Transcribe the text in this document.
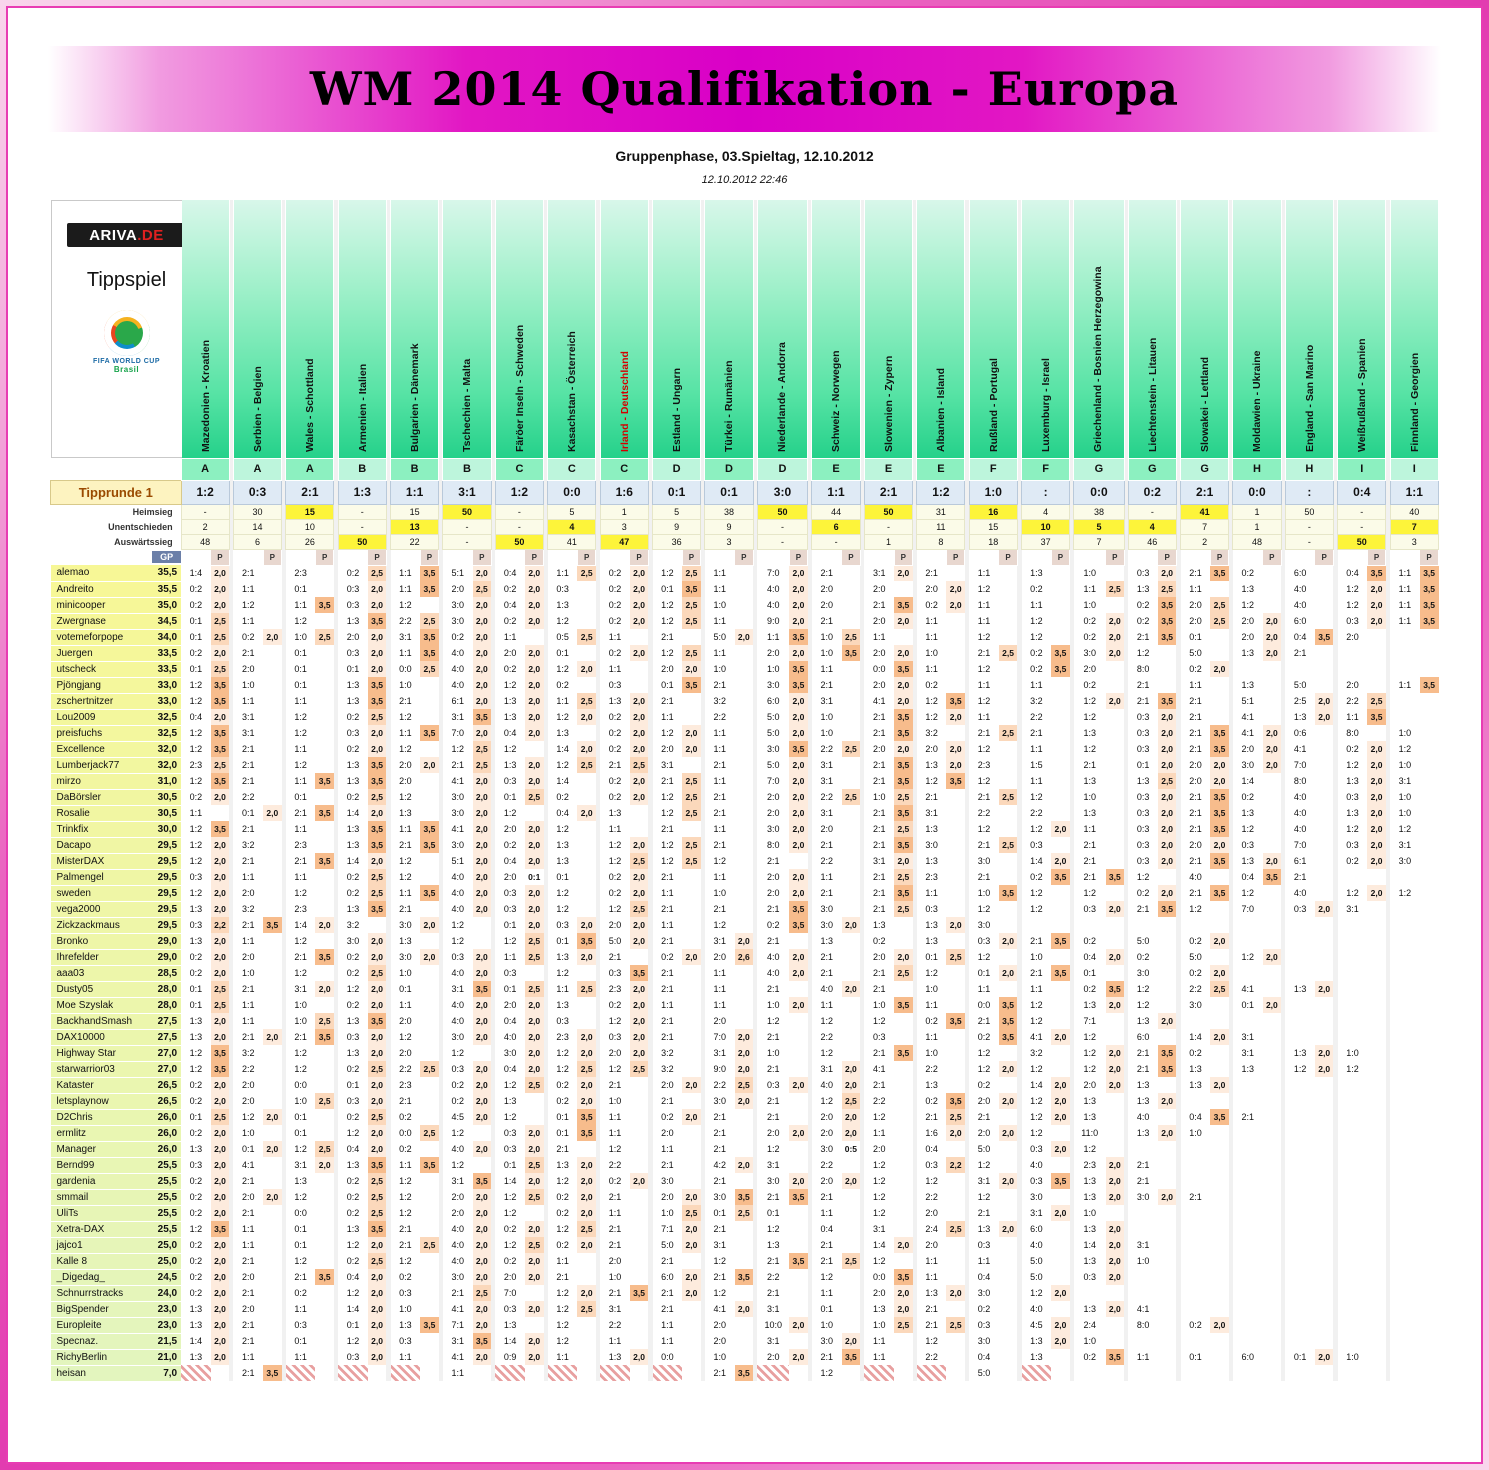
WM 2014 Qualifikation - Europa
Gruppenphase, 03.Spieltag, 12.10.2012
12.10.2012 22:46
ARIVA.DE
Tippspiel
FIFA WORLD CUP
Brasil	Mazedonien - Kroatien		Serbien - Belgien		Wales - Schottland		Armenien - Italien		Bulgarien - Dänemark		Tschechien - Malta		Färöer Inseln - Schweden		Kasachstan - Österreich		Irland - Deutschland		Estland - Ungarn		Türkei - Rumänien		Niederlande - Andorra		Schweiz - Norwegen		Slowenien - Zypern		Albanien - Island		Rußland - Portugal		Luxemburg - Israel		Griechenland - Bosnien Herzegowina		Liechtenstein - Litauen		Slowakei - Lettland		Moldawien - Ukraine		England - San Marino		Weißrußland - Spanien		Finnland - Georgien

	A		A		A		B		B		B		C		C		C		D		D		D		E		E		E		F		F		G		G		G		H		H		I		I
Tipprunde 1	1:2		0:3		2:1		1:3		1:1		3:1		1:2		0:0		1:6		0:1		0:1		3:0		1:1		2:1		1:2		1:0		:		0:0		0:2		2:1		0:0		:		0:4		1:1
Heimsieg	-		30		15		-		15		50		-		5		1		5		38		50		44		50		31		16		4		38		-		41		1		50		-		40
Unentschieden	2		14		10		-		13		-		-		4		3		9		9		-		6		-		11		15		10		5		4		7		1		-		-		7
Auswärtssieg	48		6		26		50		22		-		50		41		47		36		3		-		-		1		8		18		37		7		46		2		48		-		50		3
GP		P			P			P			P			P			P			P			P			P			P			P			P			P			P			P			P			P			P			P			P			P			P			P			P

alemao	35,5	1:4	2,0		2:1			2:3			0:2	2,5		1:1	3,5		5:1	2,0		0:4	2,0		1:1	2,5		0:2	2,0		1:2	2,5		1:1			7:0	2,0		2:1			3:1	2,0		2:1			1:1			1:3			1:0			0:3	2,0		2:1	3,5		0:2			6:0			0:4	3,5		1:1	3,5

Andreito	35,5	0:2	2,0		1:1			0:1			0:3	2,0		1:1	3,5		2:0	2,5		0:2	2,0		0:3			0:2	2,0		0:1	3,5		1:1			4:0	2,0		2:0			2:0			2:0	2,0		1:2			0:2			1:1	2,5		1:3	2,5		1:1			1:3			4:0			1:2	2,0		1:1	3,5

minicooper	35,0	0:2	2,0		1:2			1:1	3,5		0:3	2,0		1:2			3:0	2,0		0:4	2,0		1:3			0:2	2,0		1:2	2,5		1:0			4:0	2,0		2:0			2:1	3,5		0:2	2,0		1:1			1:1			1:0			0:2	3,5		2:0	2,5		1:2			4:0			1:2	2,0		1:1	3,5

Zwergnase	34,5	0:1	2,5		1:1			1:2			1:3	3,5		2:2	2,5		3:0	2,0		0:2	2,0		1:2			0:2	2,0		1:2	2,5		1:1			9:0	2,0		2:1			2:0	2,0		1:1			1:1			1:2			0:2	2,0		0:2	3,5		2:0	2,5		2:0	2,0		6:0			0:3	2,0		1:1	3,5

votemeforpope	34,0	0:1	2,5		0:2	2,0		1:0	2,5		2:0	2,0		3:1	3,5		0:2	2,0		1:1			0:5	2,5		1:1			2:1			5:0	2,0		1:1	3,5		1:0	2,5		1:1			1:1			1:2			1:2			0:2	2,0		2:1	3,5		0:1			2:0	2,0		0:4	3,5		2:0				

Juergen	33,5	0:2	2,0		2:1			0:1			0:3	2,0		1:1	3,5		4:0	2,0		2:0	2,0		0:1			0:2	2,0		1:2	2,5		1:1			2:0	2,0		1:0	3,5		2:0	2,0		1:0			2:1	2,5		0:2	3,5		3:0	2,0		1:2			5:0			1:3	2,0		2:1							

utscheck	33,5	0:1	2,5		2:0			0:1			0:1	2,0		0:0	2,5		4:0	2,0		0:2	2,0		1:2	2,0		1:1			2:0	2,0		1:0			1:0	3,5		1:1			0:0	3,5		1:1			1:2			0:2	3,5		2:0			8:0			0:2	2,0												

Pjöngjang	33,0	1:2	3,5		1:0			0:1			1:3	3,5		1:0			4:0	2,0		1:2	2,0		0:2			0:3			0:1	3,5		2:1			3:0	3,5		2:1			2:0	2,0		0:2			1:1			1:1			0:2			2:1			1:1			1:3			5:0			2:0			1:1	3,5

zschertnitzer	33,0	1:2	3,5		1:1			1:1			1:3	3,5		2:1			6:1	2,0		1:3	2,0		1:1	2,5		1:3	2,0		2:1			3:2			6:0	2,0		3:1			4:1	2,0		1:2	3,5		1:2			3:2			1:2	2,0		2:1	3,5		2:1			5:1			2:5	2,0		2:2	2,5			

Lou2009	32,5	0:4	2,0		3:1			1:2			0:2	2,5		1:2			3:1	3,5		1:3	2,0		1:2	2,0		0:2	2,0		1:1			2:2			5:0	2,0		1:0			2:1	3,5		1:2	2,0		1:1			2:2			1:2			0:3	2,0		2:1			4:1			1:3	2,0		1:1	3,5			

preisfuchs	32,5	1:2	3,5		3:1			1:2			0:3	2,0		1:1	3,5		7:0	2,0		0:4	2,0		1:3			0:2	2,0		1:2	2,0		1:1			5:0	2,0		1:0			2:1	3,5		3:2			2:1	2,5		2:1			1:3			0:3	2,0		2:1	3,5		4:1	2,0		0:6			8:0			1:0	

Excellence	32,0	1:2	3,5		2:1			1:1			0:2	2,0		1:2			1:2	2,5		1:2			1:4	2,0		0:2	2,0		2:0	2,0		1:1			3:0	3,5		2:2	2,5		2:0	2,0		2:0	2,0		1:2			1:1			1:2			0:3	2,0		2:1	3,5		2:0	2,0		4:1			0:2	2,0		1:2	

Lumberjack77	32,0	2:3	2,5		2:1			1:2			1:3	3,5		2:0	2,0		2:1	2,5		1:3	2,0		1:2	2,5		2:1	2,5		3:1			2:1			5:0	2,0		3:1			2:1	3,5		1:3	2,0		2:3			1:5			2:1			0:1	2,0		2:0	2,0		3:0	2,0		7:0			1:2	2,0		1:0	

mirzo	31,0	1:2	3,5		2:1			1:1	3,5		1:3	3,5		2:0			4:1	2,0		0:3	2,0		1:4			0:2	2,0		2:1	2,5		1:1			7:0	2,0		3:1			2:1	3,5		1:2	3,5		1:2			1:1			1:3			1:3	2,5		2:0	2,0		1:4			8:0			1:3	2,0		3:1	

DaBörsler	30,5	0:2	2,0		2:2			0:1			0:2	2,5		1:2			3:0	2,0		0:1	2,5		0:2			0:2	2,0		1:2	2,5		2:1			2:0	2,0		2:2	2,5		1:0	2,5		2:1			2:1	2,5		1:2			1:0			0:3	2,0		2:1	3,5		0:2			4:0			0:3	2,0		1:0	

Rosalie	30,5	1:1			0:1	2,0		2:1	3,5		1:4	2,0		1:3			3:0	2,0		1:2			0:4	2,0		1:3			1:2	2,5		2:1			2:0	2,0		3:1			2:1	3,5		3:1			2:2			2:2			1:3			0:3	2,0		2:1	3,5		1:3			4:0			1:3	2,0		1:0	

Trinkfix	30,0	1:2	3,5		2:1			1:1			1:3	3,5		1:1	3,5		4:1	2,0		2:0	2,0		1:2			1:1			2:1			1:1			3:0	2,0		2:0			2:1	2,5		1:3			1:2			1:2	2,0		1:1			0:3	2,0		2:1	3,5		1:2			4:0			1:2	2,0		1:2	

Dacapo	29,5	1:2	2,0		3:2			2:3			1:3	3,5		2:1	3,5		3:0	2,0		0:2	2,0		1:3			1:2	2,0		1:2	2,5		2:1			8:0	2,0		2:1			2:1	3,5		3:0			2:1	2,5		0:3			2:1			0:3	2,0		2:0	2,0		0:3			7:0			0:3	2,0		3:1	

MisterDAX	29,5	1:2	2,0		2:1			2:1	3,5		1:4	2,0		1:2			5:1	2,0		0:4	2,0		1:3			1:2	2,5		1:2	2,5		1:2			2:1			2:2			3:1	2,0		1:3			3:0			1:4	2,0		2:1			0:3	2,0		2:1	3,5		1:3	2,0		6:1			0:2	2,0		3:0	

Palmengel	29,5	0:3	2,0		1:1			1:1			0:2	2,5		1:2			4:0	2,0		2:0	0:1		0:1			0:2	2,0		2:1			1:1			2:0	2,0		1:1			2:1	2,5		2:3			2:1			0:2	3,5		2:1	3,5		1:2			4:0			0:4	3,5		2:1							

sweden	29,5	1:2	2,0		2:0			1:2			0:2	2,5		1:1	3,5		4:0	2,0		0:3	2,0		1:2			0:2	2,0		1:1			1:0			2:0	2,0		2:1			2:1	3,5		1:1			1:0	3,5		1:2			1:2			0:2	2,0		2:1	3,5		1:2			4:0			1:2	2,0		1:2	

vega2000	29,5	1:3	2,0		3:2			2:3			1:3	3,5		2:1			4:0	2,0		0:3	2,0		1:2			1:2	2,5		2:1			2:1			2:1	3,5		3:0			2:1	2,5		0:3			1:2			1:2			0:3	2,0		2:1	3,5		1:2			7:0			0:3	2,0		3:1				

Zickzackmaus	29,5	0:3	2,2		2:1	3,5		1:4	2,0		3:2			3:0	2,0		1:2			0:1	2,0		0:3	2,0		2:0	2,0		1:1			1:2			0:2	3,5		3:0	2,0		1:3			1:3	2,0		3:0																									

Bronko	29,0	1:3	2,0		1:1			1:2			3:0	2,0		1:3			1:2			1:2	2,5		0:1	3,5		5:0	2,0		2:1			3:1	2,0		2:1			1:3			0:2			1:3			0:3	2,0		2:1	3,5		0:2			5:0			0:2	2,0												

Ihrefelder	29,0	0:2	2,0		2:0			2:1	3,5		0:2	2,0		3:0	2,0		0:3	2,0		1:1	2,5		1:3	2,0		2:1			0:2	2,0		2:0	2,6		4:0	2,0		2:1			2:0	2,0		0:1	2,5		1:2			1:0			0:4	2,0		0:2			5:0			1:2	2,0									

aaa03	28,5	0:2	2,0		1:0			1:2			0:2	2,5		1:0			4:0	2,0		0:3			1:2			0:3	3,5		2:1			1:1			4:0	2,0		2:1			2:1	2,5		1:2			0:1	2,0		2:1	3,5		0:1			3:0			0:2	2,0												

Dusty05	28,0	0:1	2,5		2:1			3:1	2,0		1:2	2,0		0:1			3:1	3,5		0:1	2,5		1:1	2,5		2:3	2,0		2:1			1:1			2:1			4:0	2,0		2:1			1:0			1:1			1:1			0:2	3,5		1:2			2:2	2,5		4:1			1:3	2,0						

Moe Szyslak	28,0	0:1	2,5		1:1			1:0			0:2	2,0		1:1			4:0	2,0		2:0	2,0		1:3			0:2	2,0		1:1			1:1			1:0	2,0		1:1			1:0	3,5		1:1			0:0	3,5		1:2			1:3	2,0		1:2			3:0			0:1	2,0									

BackhandSmash	27,5	1:3	2,0		1:1			1:0	2,5		1:3	3,5		2:0			4:0	2,0		0:4	2,0		0:3			1:2	2,0		2:1			2:0			1:2			1:2			1:2			0:2	3,5		2:1	3,5		1:2			7:1			1:3	2,0															

DAX10000	27,5	1:3	2,0		2:1	2,0		2:1	3,5		0:3	2,0		1:2			3:0	2,0		4:0	2,0		2:3	2,0		0:3	2,0		2:1			7:0	2,0		2:1			2:2			0:3			1:1			0:2	3,5		4:1	2,0		1:2			6:0			1:4	2,0		3:1										

Highway Star	27,0	1:2	3,5		3:2			1:2			1:3	2,0		2:0			1:2			3:0	2,0		1:2	2,0		2:0	2,0		3:2			3:1	2,0		1:0			1:2			2:1	3,5		1:0			1:2			3:2			1:2	2,0		2:1	3,5		0:2			3:1			1:3	2,0		1:0				

starwarrior03	27,0	1:2	3,5		2:2			1:2			0:2	2,5		2:2	2,5		0:3	2,0		0:4	2,0		1:2	2,5		1:2	2,5		3:2			9:0	2,0		2:1			3:1	2,0		4:1			2:2			1:2	2,0		1:2			1:2	2,0		2:1	3,5		1:3			1:3			1:2	2,0		1:2				

Kataster	26,5	0:2	2,0		2:0			0:0			0:1	2,0		2:3			0:2	2,0		1:2	2,5		0:2	2,0		2:1			2:0	2,0		2:2	2,5		0:3	2,0		4:0	2,0		2:1			1:3			0:2			1:4	2,0		2:0	2,0		1:3			1:3	2,0												

letsplaynow	26,5	0:2	2,0		2:0			1:0	2,5		0:3	2,0		2:1			0:2	2,0		1:3			0:2	2,0		1:0			2:1			3:0	2,0		2:1			1:2	2,5		2:2			0:2	3,5		2:0	2,0		1:2	2,0		1:3			1:3	2,0															

D2Chris	26,0	0:1	2,5		1:2	2,0		0:1			0:2	2,5		0:2			4:5	2,0		1:2			0:1	3,5		1:1			0:2	2,0		2:1			2:1			2:0	2,0		1:2			2:1	2,5		2:1			1:2	2,0		1:3			4:0			0:4	3,5		2:1										

ermlitz	26,0	0:2	2,0		1:0			0:1			1:2	2,0		0:0	2,5		1:2			0:3	2,0		0:1	3,5		1:1			2:0			2:1			2:0	2,0		2:0	2,0		1:1			1:6	2,0		2:0	2,0		1:2			11:0			1:3	2,0		1:0													

Manager	26,0	1:3	2,0		0:1	2,0		1:2	2,5		0:4	2,0		0:2			4:0	2,0		0:3	2,0		2:1			1:2			1:1			2:1			1:2			3:0	0:5		2:0			0:4			5:0			0:3	2,0		1:2																			

Bernd99	25,5	0:3	2,0		4:1			3:1	2,0		1:3	3,5		1:1	3,5		1:2			0:1	2,5		1:3	2,0		2:2			2:1			4:2	2,0		3:1			2:2			1:2			0:3	2,2		1:2			4:0			2:3	2,0		2:1																

gardenia	25,5	0:2	2,0		2:1			1:3			0:2	2,5		1:2			3:1	3,5		1:4	2,0		1:2	2,0		0:2	2,0		3:0			2:1			3:0	2,0		2:0	2,0		1:2			1:2			3:1	2,0		0:3	3,5		1:3	2,0		2:1																

smmail	25,5	0:2	2,0		2:0	2,0		1:2			0:2	2,5		1:2			2:0	2,0		1:2	2,5		0:2	2,0		2:1			2:0	2,0		3:0	3,5		2:1	3,5		2:1			1:2			2:2			1:2			3:0			1:3	2,0		3:0	2,0		2:1													

UliTs	25,5	0:2	2,0		2:1			0:0			0:2	2,5		1:2			2:0	2,0		1:2			0:2	2,0		1:1			1:0	2,5		0:1	2,5		0:1			1:1			1:2			2:0			2:1			3:1	2,0		1:0																			

Xetra-DAX	25,5	1:2	3,5		1:1			0:1			1:3	3,5		2:1			4:0	2,0		0:2	2,0		1:2	2,5		2:1			7:1	2,0		2:1			1:2			0:4			3:1			2:4	2,5		1:3	2,0		6:0			1:3	2,0																		

jajco1	25,0	0:2	2,0		1:1			0:1			1:2	2,0		2:1	2,5		4:0	2,0		1:2	2,5		0:2	2,0		2:1			5:0	2,0		3:1			1:3			2:1			1:4	2,0		2:0			0:3			4:0			1:4	2,0		3:1																

Kalle 8	25,0	0:2	2,0		2:1			1:2			0:2	2,5		1:2			4:0	2,0		0:2	2,0		1:1			2:0			2:1			1:2			2:1	3,5		2:1	2,5		1:2			1:1			1:1			5:0			1:3	2,0		1:0																

_Digedag_	24,5	0:2	2,0		2:0			2:1	3,5		0:4	2,0		0:2			3:0	2,0		2:0	2,0		2:1			1:0			6:0	2,0		2:1	3,5		2:2			1:2			0:0	3,5		1:1			0:4			5:0			0:3	2,0																		

Schnurrstracks	24,0	0:2	2,0		2:1			0:2			1:2	2,0		0:3			2:1	2,5		7:0			1:2	2,0		2:1	3,5		2:1	2,0		1:2			2:1			1:1			2:0	2,0		1:3	2,0		3:0			1:2	2,0																					

BigSpender	23,0	1:3	2,0		2:0			1:1			1:4	2,0		1:0			4:1	2,0		0:3	2,0		1:2	2,5		3:1			2:1			4:1	2,0		3:1			0:1			1:3	2,0		2:1			0:2			4:0			1:3	2,0		4:1																

Europleite	23,0	1:3	2,0		2:1			0:3			0:1	2,0		1:3	3,5		7:1	2,0		1:3			1:2			2:2			1:1			2:0			10:0	2,0		1:0			1:0	2,5		2:1	2,5		0:3			4:5	2,0		2:4			8:0			0:2	2,0												

Specnaz.	21,5	1:4	2,0		2:1			0:1			1:2	2,0		0:3			3:1	3,5		1:4	2,0		1:2			1:1			1:1			2:0			3:1			3:0	2,0		1:1			1:2			3:0			1:3	2,0		1:0																			

RichyBerlin	21,0	1:3	2,0		1:1			1:1			0:3	2,0		1:1			4:1	2,0		0:9	2,0		1:1			1:3	2,0		0:0			1:0			2:0	2,0		2:1	3,5		1:1			2:2			0:4			1:3			0:2	3,5		1:1			0:1			6:0			0:1	2,0		1:0				

heisan	7,0				2:1	3,5											1:1															2:1	3,5					1:2									5:0																									
